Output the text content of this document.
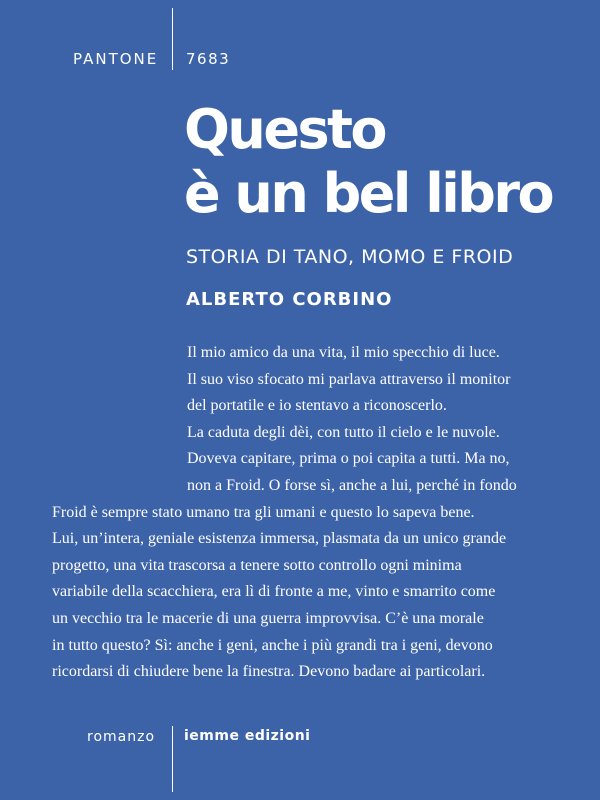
PANTONE 7683
Questo
è un bel libro
STORIA DI TANO, MOMO E FROID
ALBERTO CORBINO
Il mio amico da una vita, il mio specchio di luce.
Il suo viso sfocato mi parlava attraverso il monitor
del portatile e io stentavo a riconoscerlo.
La caduta degli dèi, con tutto il cielo e le nuvole.
Doveva capitare, prima o poi capita a tutti. Ma no,
non a Froid. O forse sì, anche a lui, perché in fondo
Froid è sempre stato umano tra gli umani e questo lo sapeva bene.
Lui, un’intera, geniale esistenza immersa, plasmata da un unico grande
progetto, una vita trascorsa a tenere sotto controllo ogni minima
variabile della scacchiera, era lì di fronte a me, vinto e smarrito come
un vecchio tra le macerie di una guerra improvvisa. C’è una morale
in tutto questo? Sì: anche i geni, anche i più grandi tra i geni, devono
ricordarsi di chiudere bene la finestra. Devono badare ai particolari.
romanzo iemme edizioni
